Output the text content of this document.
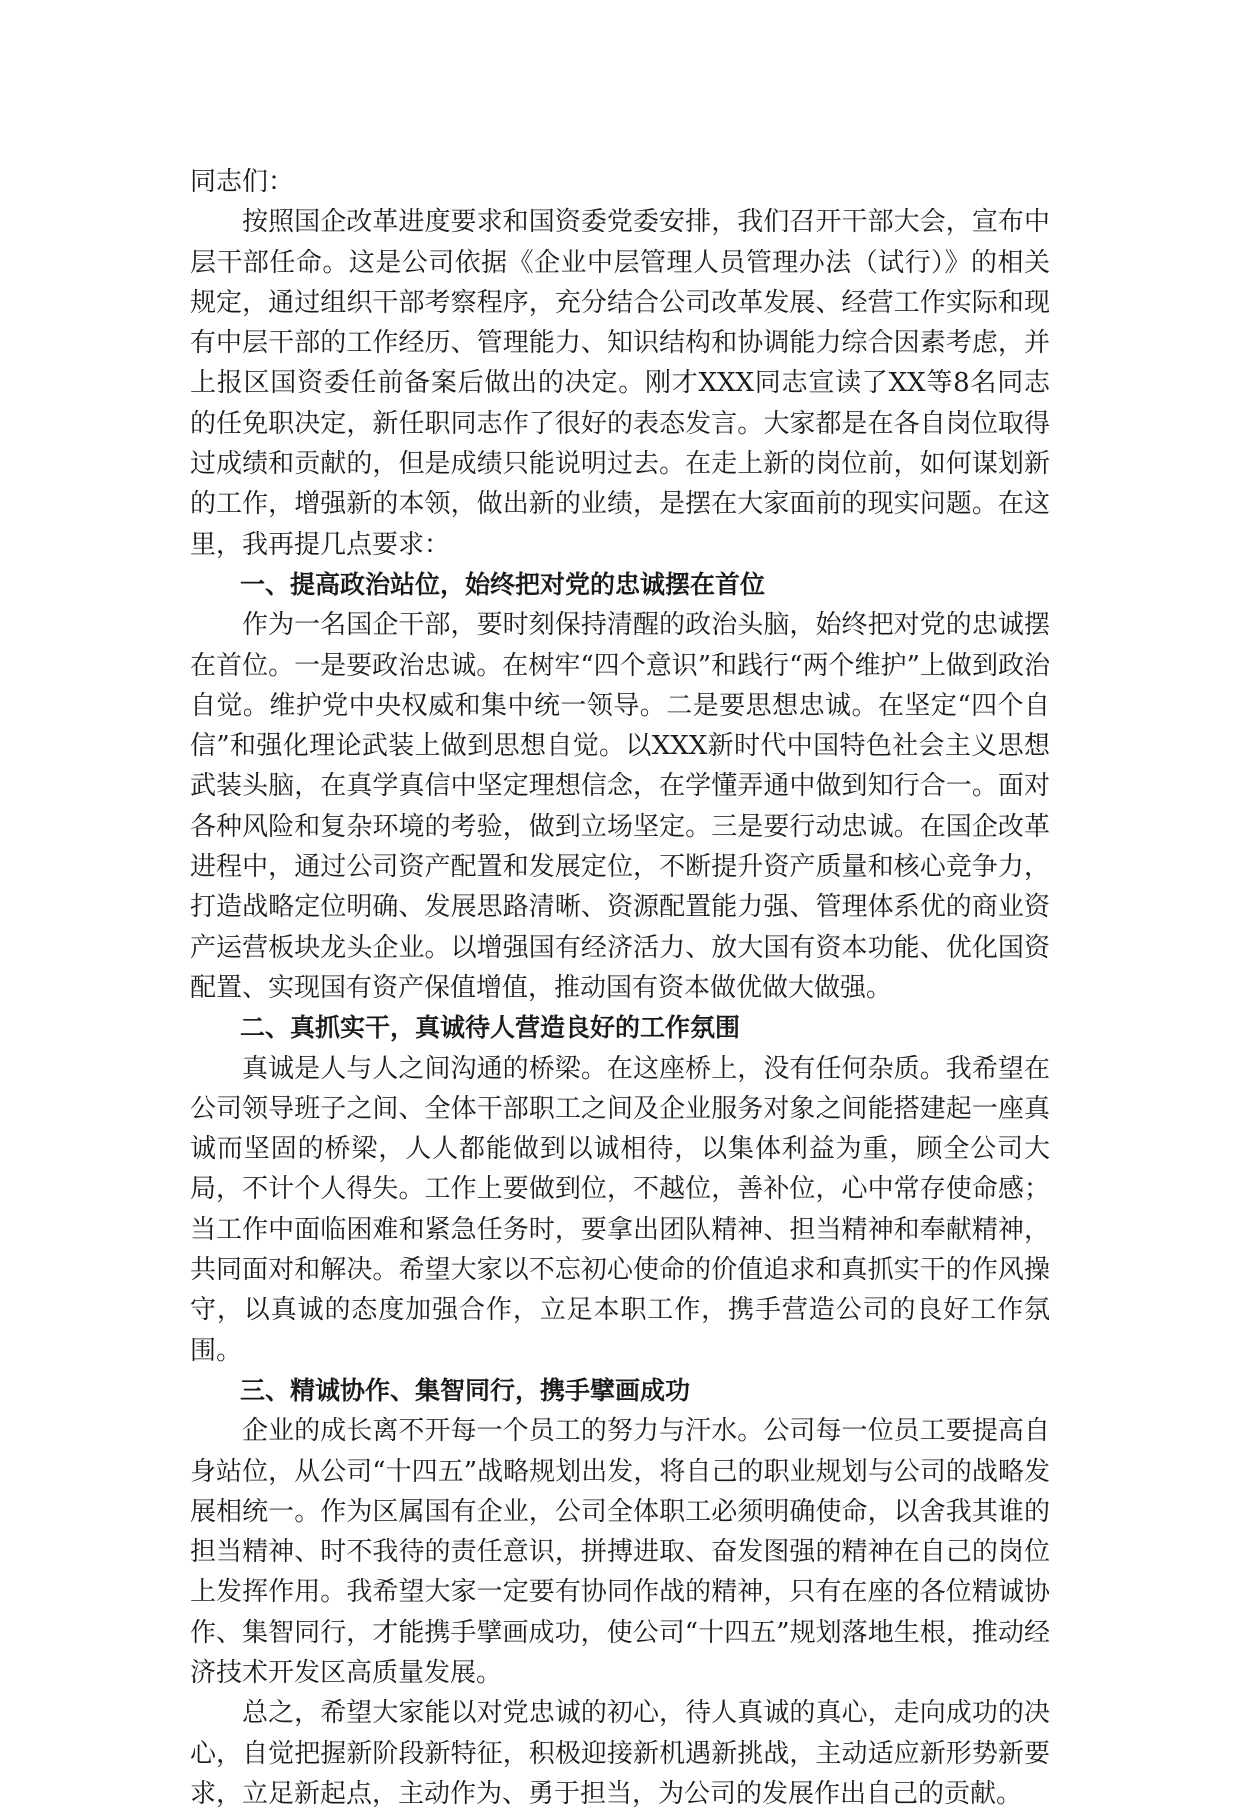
同志们：

按照国企改革进度要求和国资委党委安排，我们召开干部大会，宣布中层干部任命。这是公司依据《企业中层管理人员管理办法（试行）》的相关规定，通过组织干部考察程序，充分结合公司改革发展、经营工作实际和现有中层干部的工作经历、管理能力、知识结构和协调能力综合因素考虑，并上报区国资委任前备案后做出的决定。刚才XXX同志宣读了XX等8名同志的任免职决定，新任职同志作了很好的表态发言。大家都是在各自岗位取得过成绩和贡献的，但是成绩只能说明过去。在走上新的岗位前，如何谋划新的工作，增强新的本领，做出新的业绩，是摆在大家面前的现实问题。在这里，我再提几点要求：

一、提高政治站位，始终把对党的忠诚摆在首位

作为一名国企干部，要时刻保持清醒的政治头脑，始终把对党的忠诚摆在首位。一是要政治忠诚。在树牢“四个意识”和践行“两个维护”上做到政治自觉。维护党中央权威和集中统一领导。二是要思想忠诚。在坚定“四个自信”和强化理论武装上做到思想自觉。以XXX新时代中国特色社会主义思想武装头脑，在真学真信中坚定理想信念，在学懂弄通中做到知行合一。面对各种风险和复杂环境的考验，做到立场坚定。三是要行动忠诚。在国企改革进程中，通过公司资产配置和发展定位，不断提升资产质量和核心竞争力，打造战略定位明确、发展思路清晰、资源配置能力强、管理体系优的商业资产运营板块龙头企业。以增强国有经济活力、放大国有资本功能、优化国资配置、实现国有资产保值增值，推动国有资本做优做大做强。

二、真抓实干，真诚待人营造良好的工作氛围

真诚是人与人之间沟通的桥梁。在这座桥上，没有任何杂质。我希望在公司领导班子之间、全体干部职工之间及企业服务对象之间能搭建起一座真诚而坚固的桥梁，人人都能做到以诚相待，以集体利益为重，顾全公司大局，不计个人得失。工作上要做到位，不越位，善补位，心中常存使命感；当工作中面临困难和紧急任务时，要拿出团队精神、担当精神和奉献精神，共同面对和解决。希望大家以不忘初心使命的价值追求和真抓实干的作风操守，以真诚的态度加强合作，立足本职工作，携手营造公司的良好工作氛围。

三、精诚协作、集智同行，携手擘画成功

企业的成长离不开每一个员工的努力与汗水。公司每一位员工要提高自身站位，从公司“十四五”战略规划出发，将自己的职业规划与公司的战略发展相统一。作为区属国有企业，公司全体职工必须明确使命，以舍我其谁的担当精神、时不我待的责任意识，拼搏进取、奋发图强的精神在自己的岗位上发挥作用。我希望大家一定要有协同作战的精神，只有在座的各位精诚协作、集智同行，才能携手擘画成功，使公司“十四五”规划落地生根，推动经济技术开发区高质量发展。

总之，希望大家能以对党忠诚的初心，待人真诚的真心，走向成功的决心，自觉把握新阶段新特征，积极迎接新机遇新挑战，主动适应新形势新要求，立足新起点，主动作为、勇于担当，为公司的发展作出自己的贡献。
